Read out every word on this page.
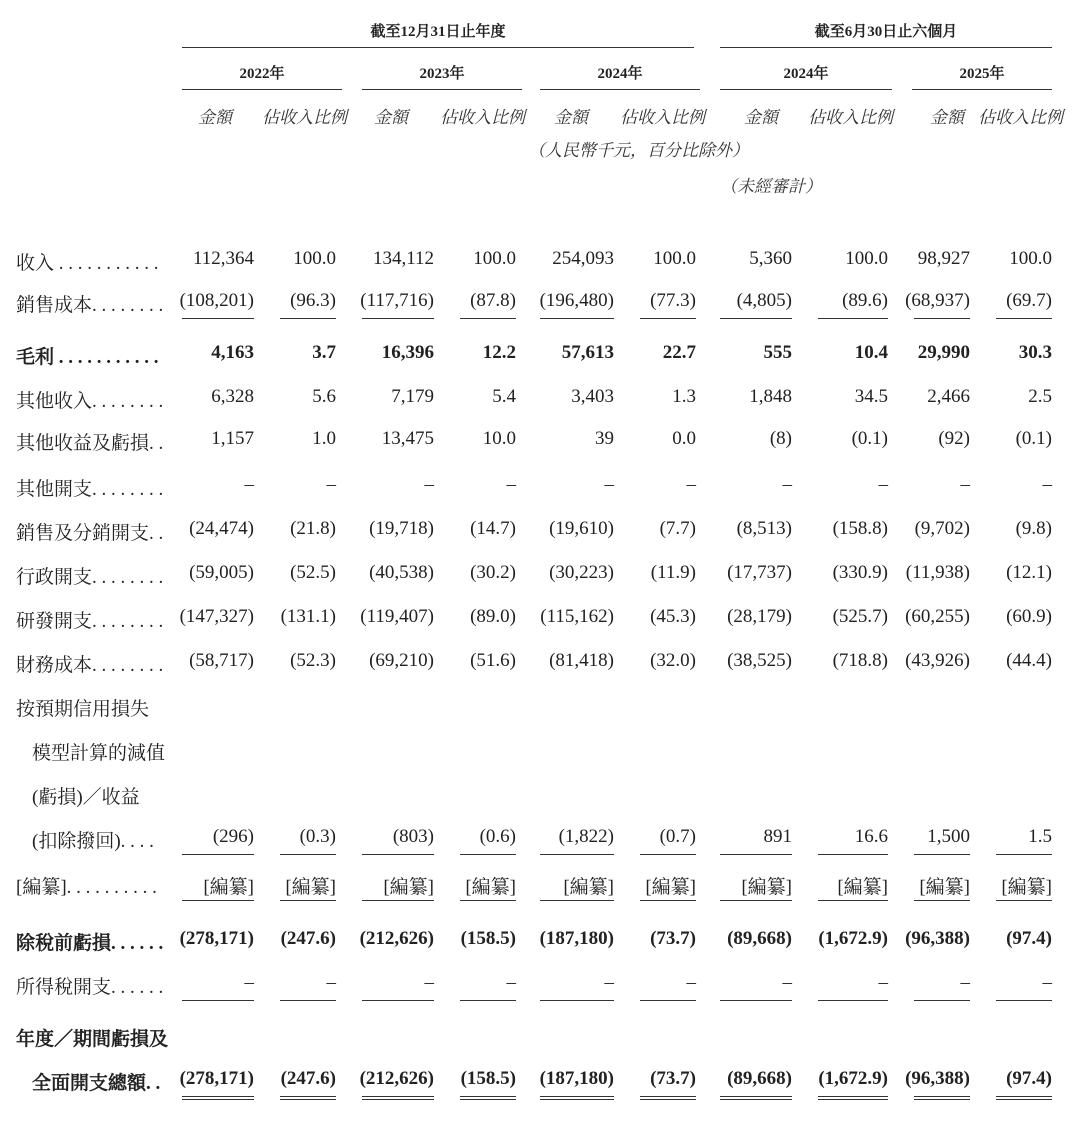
截至12月31日止年度	截至6月30日止六個月
2022年	2023年	2024年	2024年	2025年
金額 佔收入比例	金額 佔收入比例	金額 佔收入比例	金額 佔收入比例	金額 佔收入比例
（人民幣千元，百分比除外）
（未經審計）
收入 . . . . . . . . . . .	112,364	100.0	134,112	100.0	254,093	100.0	5,360	100.0	98,927	100.0
銷售成本. . . . . . . . (108,201)	(96.3)	(117,716)	(87.8)	(196,480)	(77.3)	(4,805)	(89.6) (68,937)	(69.7)
毛利 . . . . . . . . . . .	4,163	3.7	16,396	12.2	57,613	22.7	555	10.4	29,990	30.3
其他收入. . . . . . . .	6,328	5.6	7,179	5.4	3,403	1.3	1,848	34.5	2,466	2.5
其他收益及虧損. .	1,157	1.0	13,475	10.0	39	0.0	(8)	(0.1)	(92)	(0.1)
其他開支. . . . . . . .	–	–	–	–	–	–	–	–	–	–
銷售及分銷開支. .	(24,474)	(21.8)	(19,718)	(14.7)	(19,610)	(7.7)	(8,513)	(158.8)	(9,702)	(9.8)
行政開支. . . . . . . .	(59,005)	(52.5)	(40,538)	(30.2)	(30,223)	(11.9)	(17,737)	(330.9) (11,938)	(12.1)
研發開支. . . . . . . . (147,327)	(131.1)	(119,407)	(89.0)	(115,162)	(45.3)	(28,179)	(525.7) (60,255)	(60.9)
財務成本. . . . . . . .	(58,717)	(52.3)	(69,210)	(51.6)	(81,418)	(32.0)	(38,525)	(718.8) (43,926)	(44.4)
按預期信用損失
模型計算的減值
(虧損)／收益
(扣除撥回). . . .	(296)	(0.3)	(803)	(0.6)	(1,822)	(0.7)	891	16.6	1,500	1.5
[編纂]. . . . . . . . . .	[編纂]	[編纂]	[編纂]	[編纂]	[編纂]	[編纂]	[編纂]	[編纂]	[編纂]	[編纂]
除稅前虧損. . . . . . (278,171)	(247.6)	(212,626)	(158.5)	(187,180)	(73.7)	(89,668)	(1,672.9) (96,388)	(97.4)
所得稅開支. . . . . .	–	–	–	–	–	–	–	–	–	–
年度／期間虧損及
全面開支總額. .	(278,171)	(247.6)	(212,626)	(158.5)	(187,180)	(73.7)	(89,668)	(1,672.9) (96,388)	(97.4)
